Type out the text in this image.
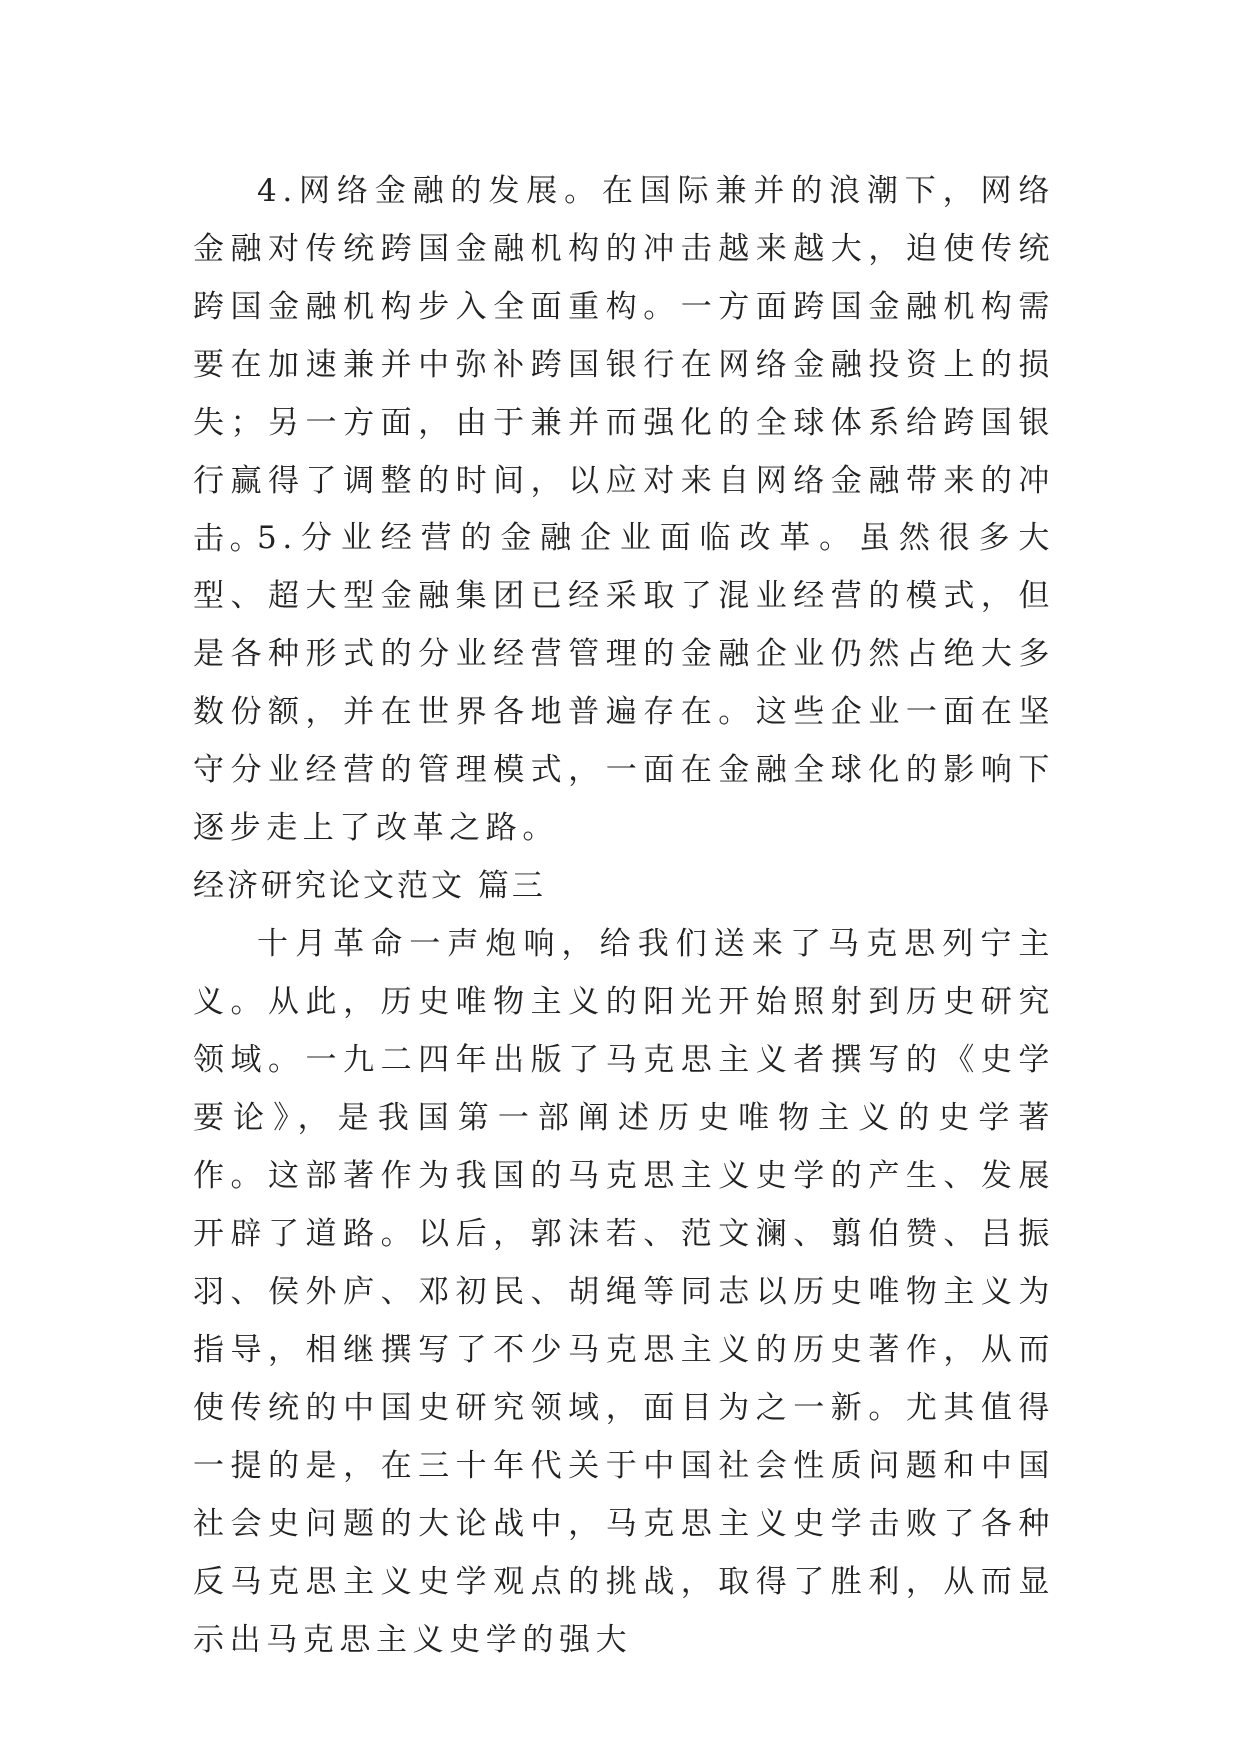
4.网络金融的发展。在国际兼并的浪潮下，网络金融对传统跨国金融机构的冲击越来越大，迫使传统跨国金融机构步入全面重构。一方面跨国金融机构需要在加速兼并中弥补跨国银行在网络金融投资上的损失；另一方面，由于兼并而强化的全球体系给跨国银行赢得了调整的时间，以应对来自网络金融带来的冲击。

5.分业经营的金融企业面临改革。虽然很多大型、超大型金融集团已经采取了混业经营的模式，但是各种形式的分业经营管理的金融企业仍然占绝大多数份额，并在世界各地普遍存在。这些企业一面在坚守分业经营的管理模式，一面在金融全球化的影响下逐步走上了改革之路。

经济研究论文范文 篇三

十月革命一声炮响，给我们送来了马克思列宁主义。从此，历史唯物主义的阳光开始照射到历史研究领域。一九二四年出版了马克思主义者撰写的《史学要论》，是我国第一部阐述历史唯物主义的史学著作。这部著作为我国的马克思主义史学的产生、发展开辟了道路。以后，郭沫若、范文澜、翦伯赞、吕振羽、侯外庐、邓初民、胡绳等同志以历史唯物主义为指导，相继撰写了不少马克思主义的历史著作，从而使传统的中国史研究领域，面目为之一新。尤其值得一提的是，在三十年代关于中国社会性质问题和中国社会史问题的大论战中，马克思主义史学击败了各种反马克思主义史学观点的挑战，取得了胜利，从而显示出马克思主义史学的强大
